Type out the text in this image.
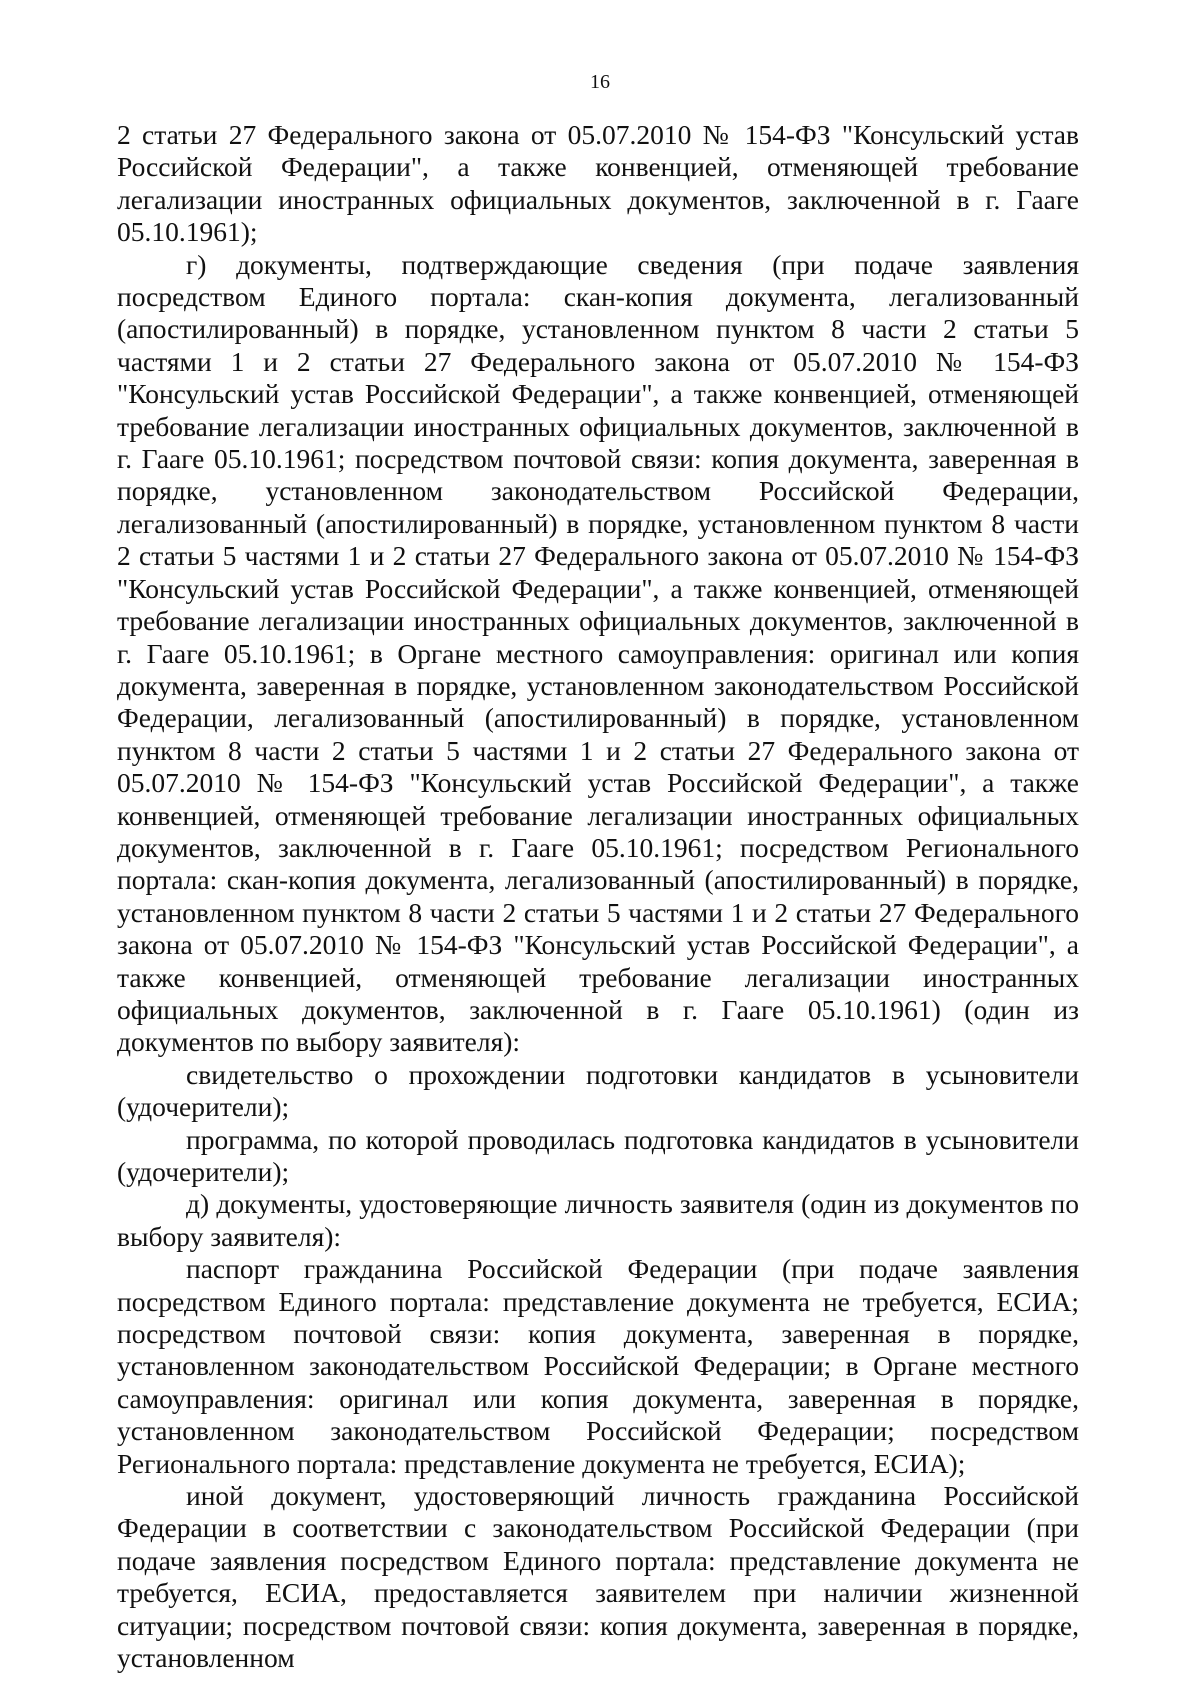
16

2 статьи 27 Федерального закона от 05.07.2010 № 154-ФЗ "Консульский устав Российской Федерации", а также конвенцией, отменяющей требование легализации иностранных официальных документов, заключенной в г. Гааге 05.10.1961);

г) документы, подтверждающие сведения (при подаче заявления посредством Единого портала: скан-копия документа, легализованный (апостилированный) в порядке, установленном пунктом 8 части 2 статьи 5 частями 1 и 2 статьи 27 Федерального закона от 05.07.2010 № 154-ФЗ "Консульский устав Российской Федерации", а также конвенцией, отменяющей требование легализации иностранных официальных документов, заключенной в г. Гааге 05.10.1961; посредством почтовой связи: копия документа, заверенная в порядке, установленном законодательством Российской Федерации, легализованный (апостилированный) в порядке, установленном пунктом 8 части 2 статьи 5 частями 1 и 2 статьи 27 Федерального закона от 05.07.2010 № 154-ФЗ "Консульский устав Российской Федерации", а также конвенцией, отменяющей требование легализации иностранных официальных документов, заключенной в г. Гааге 05.10.1961; в Органе местного самоуправления: оригинал или копия документа, заверенная в порядке, установленном законодательством Российской Федерации, легализованный (апостилированный) в порядке, установленном пунктом 8 части 2 статьи 5 частями 1 и 2 статьи 27 Федерального закона от 05.07.2010 № 154-ФЗ "Консульский устав Российской Федерации", а также конвенцией, отменяющей требование легализации иностранных официальных документов, заключенной в г. Гааге 05.10.1961; посредством Регионального портала: скан-копия документа, легализованный (апостилированный) в порядке, установленном пунктом 8 части 2 статьи 5 частями 1 и 2 статьи 27 Федерального закона от 05.07.2010 № 154-ФЗ "Консульский устав Российской Федерации", а также конвенцией, отменяющей требование легализации иностранных официальных документов, заключенной в г. Гааге 05.10.1961) (один из документов по выбору заявителя):

свидетельство о прохождении подготовки кандидатов в усыновители (удочерители);

программа, по которой проводилась подготовка кандидатов в усыновители (удочерители);

д) документы, удостоверяющие личность заявителя (один из документов по выбору заявителя):

паспорт гражданина Российской Федерации (при подаче заявления посредством Единого портала: представление документа не требуется, ЕСИА; посредством почтовой связи: копия документа, заверенная в порядке, установленном законодательством Российской Федерации; в Органе местного самоуправления: оригинал или копия документа, заверенная в порядке, установленном законодательством Российской Федерации; посредством Регионального портала: представление документа не требуется, ЕСИА);

иной документ, удостоверяющий личность гражданина Российской Федерации в соответствии с законодательством Российской Федерации (при подаче заявления посредством Единого портала: представление документа не требуется, ЕСИА, предоставляется заявителем при наличии жизненной ситуации; посредством почтовой связи: копия документа, заверенная в порядке, установленном
